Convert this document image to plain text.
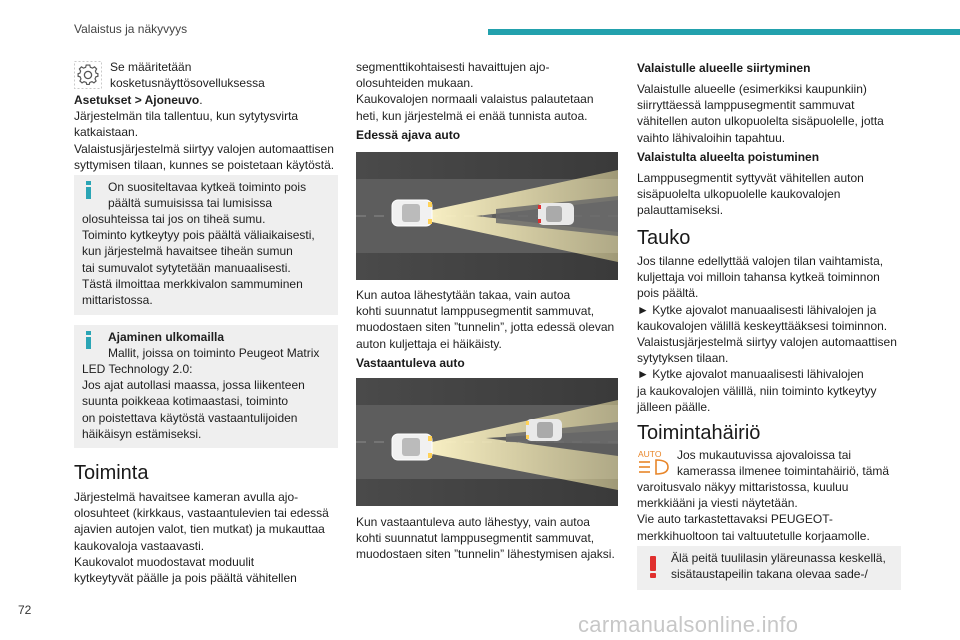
Valaistus ja näkyvyys
Se määritetään
kosketusnäyttösovelluksessa
Asetukset > Ajoneuvo.
Järjestelmän tila tallentuu, kun sytytysvirta
katkaistaan.
Valaistusjärjestelmä siirtyy valojen automaattisen
syttymisen tilaan, kunnes se poistetaan käytöstä.
On suositeltavaa kytkeä toiminto pois
päältä sumuisissa tai lumisissa
olosuhteissa tai jos on tiheä sumu.
Toiminto kytkeytyy pois päältä väliaikaisesti,
kun järjestelmä havaitsee tiheän sumun
tai sumuvalot sytytetään manuaalisesti.
Tästä ilmoittaa merkkivalon sammuminen
mittaristossa.
Ajaminen ulkomailla
Mallit, joissa on toiminto Peugeot Matrix
LED Technology 2.0:
Jos ajat autollasi maassa, jossa liikenteen
suunta poikkeaa kotimaastasi, toiminto
on poistettava käytöstä vastaantulijoiden
häikäisyn estämiseksi.
Toiminta
Järjestelmä havaitsee kameran avulla ajo-
olosuhteet (kirkkaus, vastaantulevien tai edessä
ajavien autojen valot, tien mutkat) ja mukauttaa
kaukovaloja vastaavasti.
Kaukovalot muodostavat moduulit
kytkeytyvät päälle ja pois päältä vähitellen
segmenttikohtaisesti havaittujen ajo-
olosuhteiden mukaan.
Kaukovalojen normaali valaistus palautetaan
heti, kun järjestelmä ei enää tunnista autoa.
Edessä ajava auto
Kun autoa lähestytään takaa, vain autoa
kohti suunnatut lamppusegmentit sammuvat,
muodostaen siten ”tunnelin”, jotta edessä olevan
auton kuljettaja ei häikäisty.
Vastaantuleva auto
Kun vastaantuleva auto lähestyy, vain autoa
kohti suunnatut lamppusegmentit sammuvat,
muodostaen siten ”tunnelin” lähestymisen ajaksi.
Valaistulle alueelle siirtyminen
Valaistulle alueelle (esimerkiksi kaupunkiin)
siirryttäessä lamppusegmentit sammuvat
vähitellen auton ulkopuolelta sisäpuolelle, jotta
vaihto lähivaloihin tapahtuu.
Valaistulta alueelta poistuminen
Lamppusegmentit syttyvät vähitellen auton
sisäpuolelta ulkopuolelle kaukovalojen
palauttamiseksi.
Tauko
Jos tilanne edellyttää valojen tilan vaihtamista,
kuljettaja voi milloin tahansa kytkeä toiminnon
pois päältä.
► Kytke ajovalot manuaalisesti lähivalojen ja
kaukovalojen välillä keskeyttääksesi toiminnon.
Valaistusjärjestelmä siirtyy valojen automaattisen
sytytyksen tilaan.
► Kytke ajovalot manuaalisesti lähivalojen
ja kaukovalojen välillä, niin toiminto kytkeytyy
jälleen päälle.
Toimintahäiriö
AUTO Jos mukautuvissa ajovaloissa tai
kamerassa ilmenee toimintahäiriö, tämä
varoitusvalo näkyy mittaristossa, kuuluu
merkkiääni ja viesti näytetään.
Vie auto tarkastettavaksi PEUGEOT-
merkkihuoltoon tai valtuutetulle korjaamolle.
Älä peitä tuulilasin yläreunassa keskellä,
sisätaustapeilin takana olevaa sade-/
72
carmanualsonline.info
